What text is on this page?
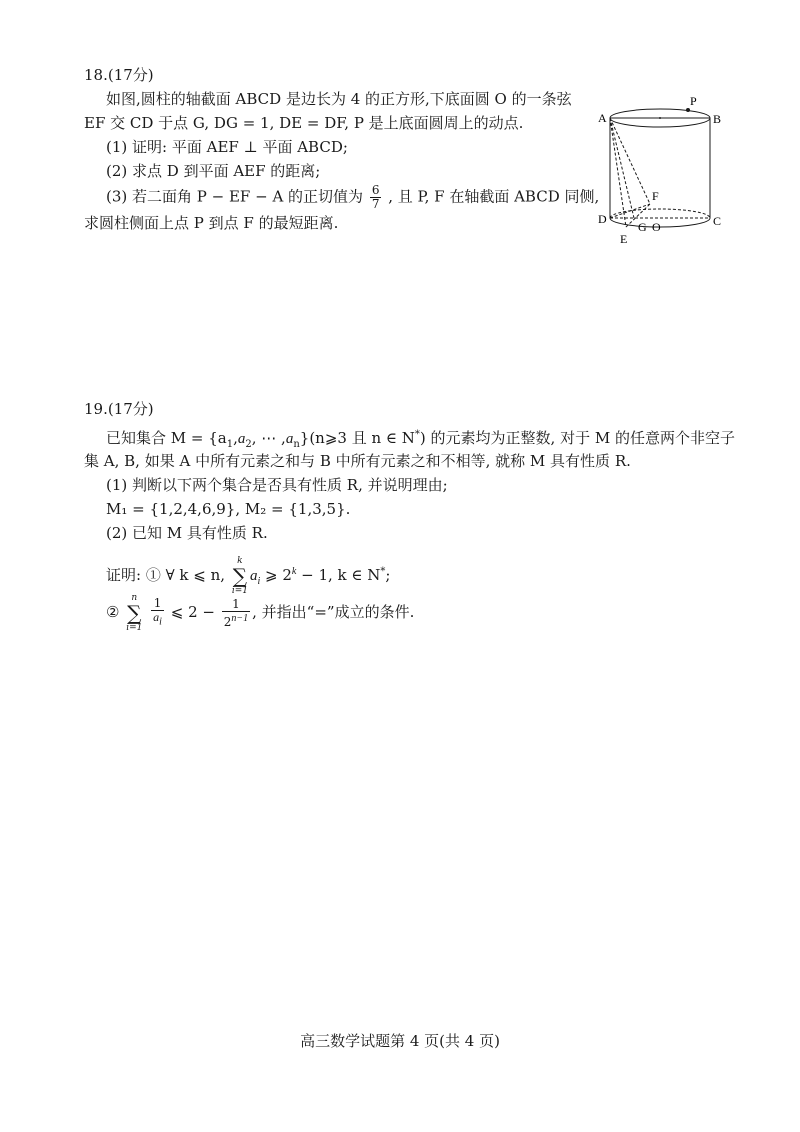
18.(17分)
如图,圆柱的轴截面 ABCD 是边长为 4 的正方形,下底面圆 O 的一条弦
EF 交 CD 于点 G, DG = 1, DE = DF, P 是上底面圆周上的动点.
(1) 证明: 平面 AEF ⊥ 平面 ABCD;
(2) 求点 D 到平面 AEF 的距离;
(3) 若二面角 P − EF − A 的正切值为 $\frac{6}{7}$ , 且 P, F 在轴截面 ABCD 同侧,
求圆柱侧面上点 P 到点 F 的最短距离.
A	B
P
D	C
F
G O
E
19.(17分)
已知集合 $M = \{a_1,a_2$, ⋯ $,a_n\}(n⩾3$ 且 n ∈ N*) 的元素均为正整数, 对于 M 的任意两个非空子
集 A, B, 如果 A 中所有元素之和与 B 中所有元素之和不相等, 就称 M 具有性质 R.
(1) 判断以下两个集合是否具有性质 R, 并说明理由;
M₁ = {1,2,4,6,9}, M₂ = {1,3,5}.
(2) 已知 M 具有性质 R.
证明: ① ∀ k ⩽ n,
k
∑
i=1
$a_i$ ⩾ $2^k - 1$, k ∈ N*;
②
n
∑
i=1
$\frac{1}{a_i}$ ⩽ $2 - \frac{1}{2^{n-1}}$ , 并指出“=”成立的条件.
高三数学试题第 4 页(共 4 页)
